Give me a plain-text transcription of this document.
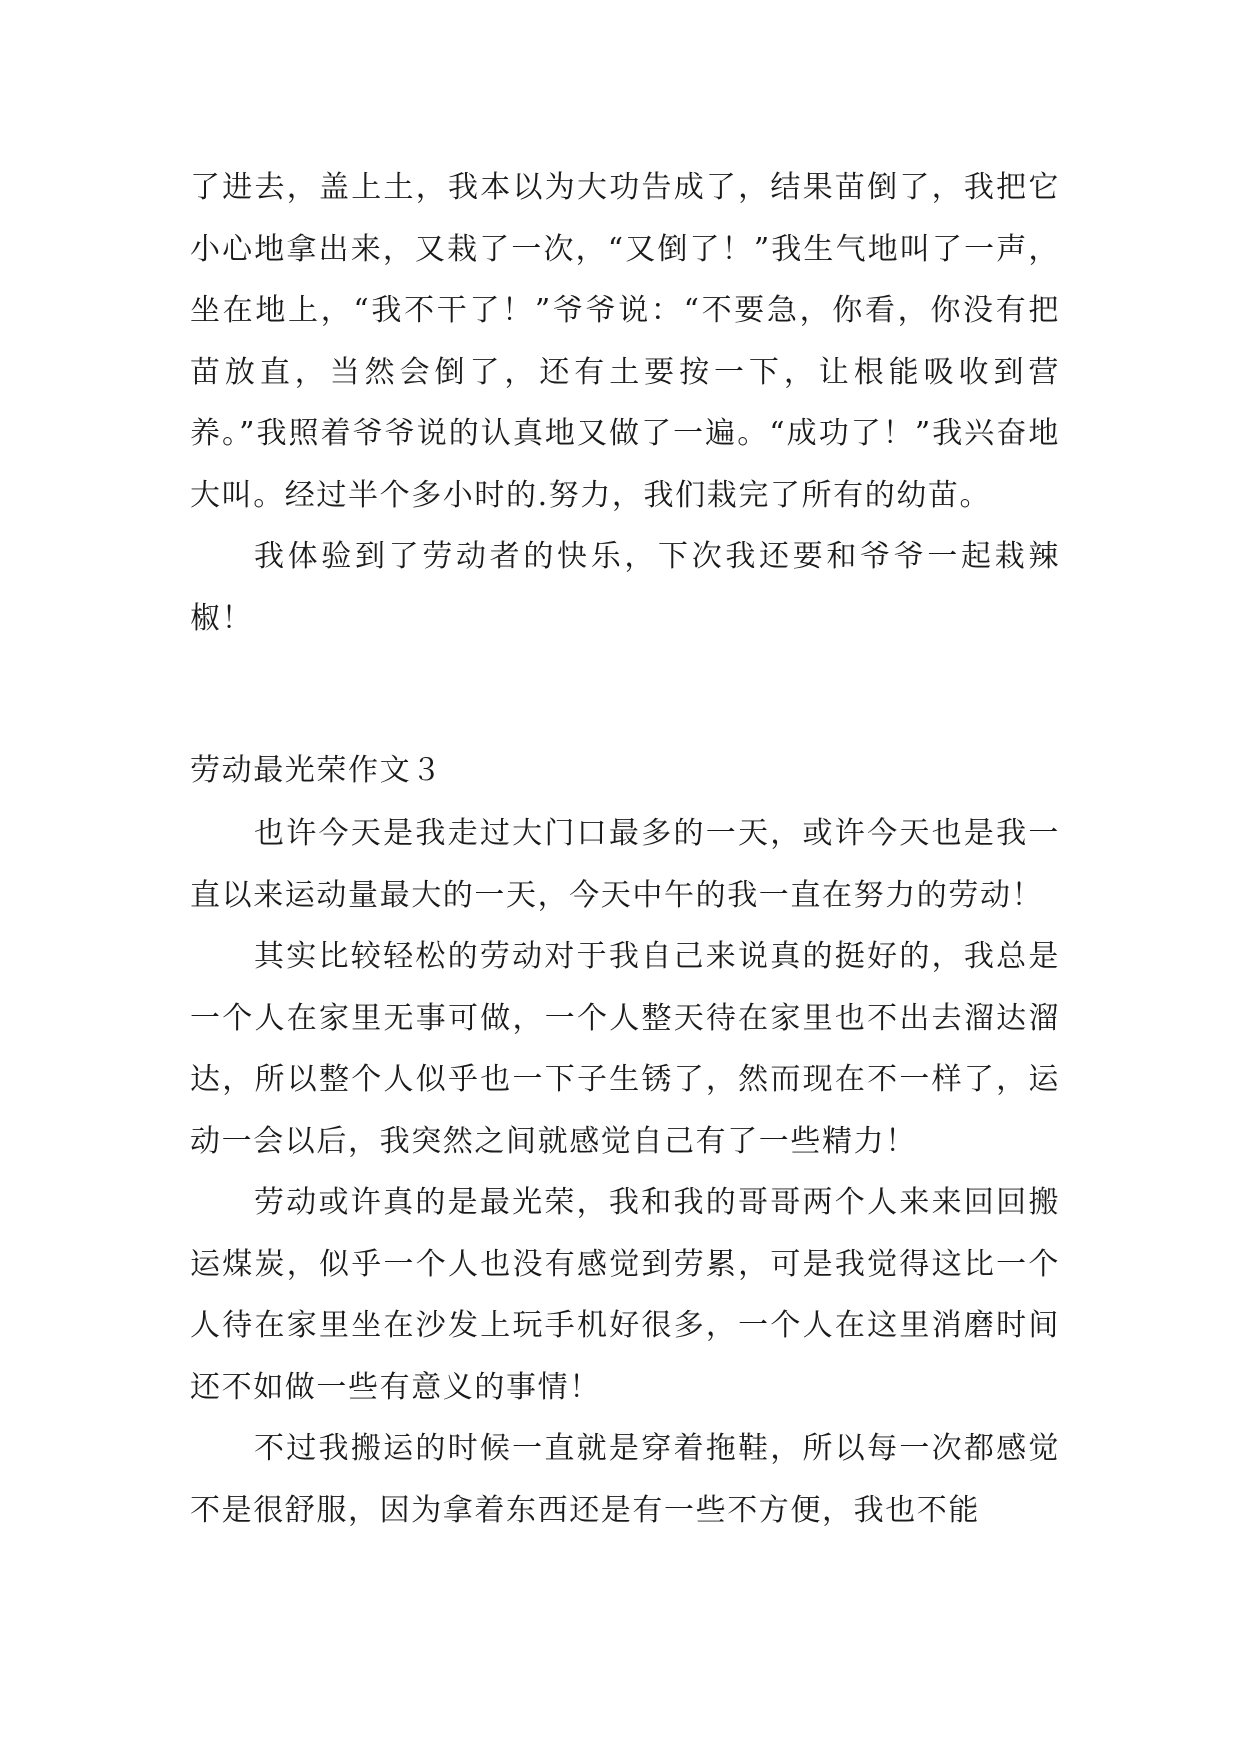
了进去，盖上土，我本以为大功告成了，结果苗倒了，我把它小心地拿出来，又栽了一次，“又倒了！”我生气地叫了一声，坐在地上，“我不干了！”爷爷说：“不要急，你看，你没有把苗放直，当然会倒了，还有土要按一下，让根能吸收到营养。”我照着爷爷说的认真地又做了一遍。“成功了！”我兴奋地大叫。经过半个多小时的.努力，我们栽完了所有的幼苗。

我体验到了劳动者的快乐，下次我还要和爷爷一起栽辣椒！

劳动最光荣作文３

也许今天是我走过大门口最多的一天，或许今天也是我一直以来运动量最大的一天，今天中午的我一直在努力的劳动！

其实比较轻松的劳动对于我自己来说真的挺好的，我总是一个人在家里无事可做，一个人整天待在家里也不出去溜达溜达，所以整个人似乎也一下子生锈了，然而现在不一样了，运动一会以后，我突然之间就感觉自己有了一些精力！

劳动或许真的是最光荣，我和我的哥哥两个人来来回回搬运煤炭，似乎一个人也没有感觉到劳累，可是我觉得这比一个人待在家里坐在沙发上玩手机好很多，一个人在这里消磨时间还不如做一些有意义的事情！

不过我搬运的时候一直就是穿着拖鞋，所以每一次都感觉不是很舒服，因为拿着东西还是有一些不方便，我也不能
